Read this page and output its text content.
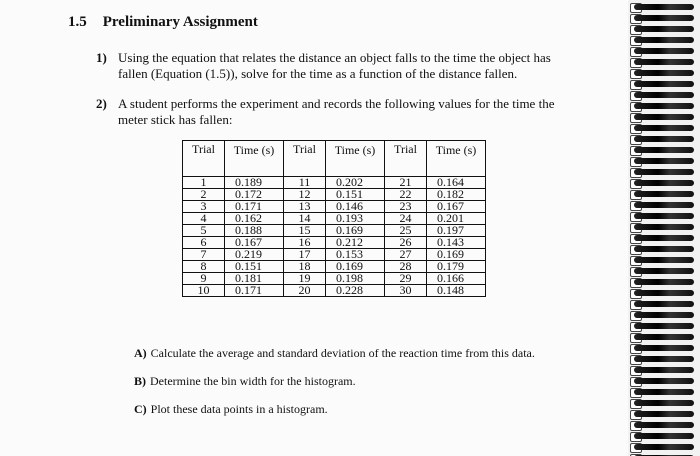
1.5 Preliminary Assignment
1) Using the equation that relates the distance an object falls to the time the object has fallen (Equation (1.5)), solve for the time as a function of the distance fallen.
2) A student performs the experiment and records the following values for the time the meter stick has fallen:
Trial	Time (s)	Trial	Time (s)	Trial	Time (s)
1	0.189	11	0.202	21	0.164
2	0.172	12	0.151	22	0.182
3	0.171	13	0.146	23	0.167
4	0.162	14	0.193	24	0.201
5	0.188	15	0.169	25	0.197
6	0.167	16	0.212	26	0.143
7	0.219	17	0.153	27	0.169
8	0.151	18	0.169	28	0.179
9	0.181	19	0.198	29	0.166
10	0.171	20	0.228	30	0.148
A) Calculate the average and standard deviation of the reaction time from this data.
B) Determine the bin width for the histogram.
C) Plot these data points in a histogram.
